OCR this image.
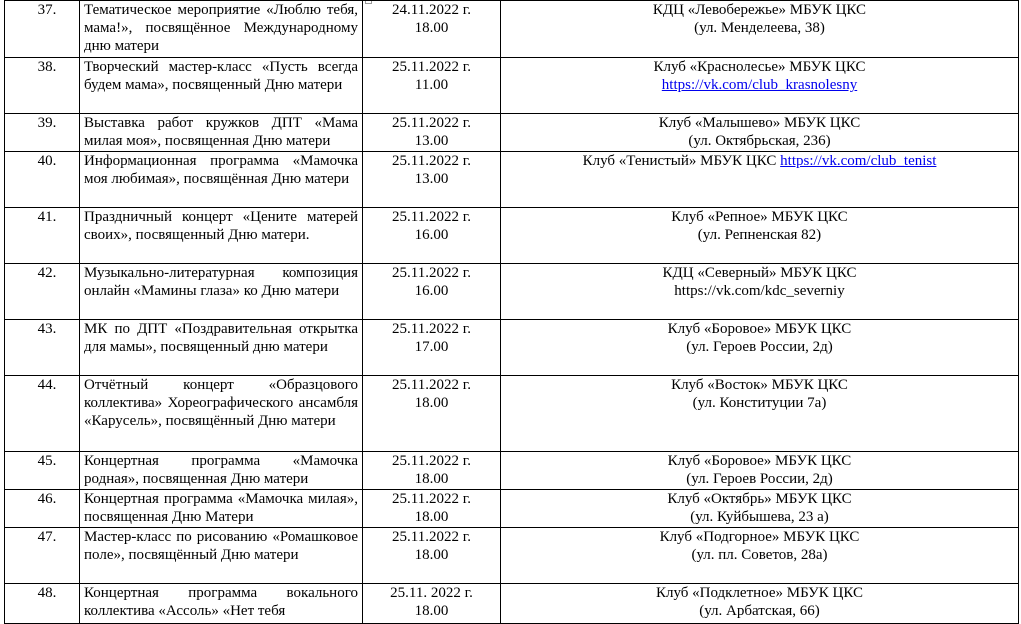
37.	Тематическое мероприятие «Люблю тебя, мама!», посвящённое Международному дню матери	24.11.2022 г.
18.00	КДЦ «Левобережье» МБУК ЦКС
(ул. Менделеева, 38)

38.	Творческий мастер-класс «Пусть всегда будем мама», посвященный Дню матери	25.11.2022 г.
11.00	Клуб «Краснолесье» МБУК ЦКС
https://vk.com/club_krasnolesny

39.	Выставка работ кружков ДПТ «Мама милая моя», посвященная Дню матери	25.11.2022 г.
13.00	Клуб «Малышево» МБУК ЦКС
(ул. Октябрьская, 236)

40.	Информационная программа «Мамочка моя любимая», посвящённая Дню матери	25.11.2022 г.
13.00	Клуб «Тенистый» МБУК ЦКС https://vk.com/club_tenist

41.	Праздничный концерт «Цените матерей своих», посвященный Дню матери.	25.11.2022 г.
16.00	Клуб «Репное» МБУК ЦКС
(ул. Репненская 82)

42.	Музыкально-литературная композиция онлайн «Мамины глаза» ко Дню матери	25.11.2022 г.
16.00	КДЦ «Северный» МБУК ЦКС
https://vk.com/kdc_severniy

43.	МК по ДПТ «Поздравительная открытка для мамы», посвященный дню матери	25.11.2022 г.
17.00	Клуб «Боровое» МБУК ЦКС
(ул. Героев России, 2д)

44.	Отчётный концерт «Образцового коллектива» Хореографического ансамбля «Карусель», посвящённый Дню матери	25.11.2022 г.
18.00	Клуб «Восток» МБУК ЦКС
(ул. Конституции 7а)

45.	Концертная программа «Мамочка родная», посвященная Дню матери	25.11.2022 г.
18.00	Клуб «Боровое» МБУК ЦКС
(ул. Героев России, 2д)

46.	Концертная программа «Мамочка милая», посвященная Дню Матери	25.11.2022 г.
18.00	Клуб «Октябрь» МБУК ЦКС
(ул. Куйбышева, 23 а)

47.	Мастер-класс по рисованию «Ромашковое поле», посвящённый Дню матери	25.11.2022 г.
18.00	Клуб «Подгорное» МБУК ЦКС
(ул. пл. Советов, 28а)

48.	Концертная программа вокального коллектива «Ассоль» «Нет тебя	25.11. 2022 г.
18.00	Клуб «Подклетное» МБУК ЦКС
(ул. Арбатская, 66)
